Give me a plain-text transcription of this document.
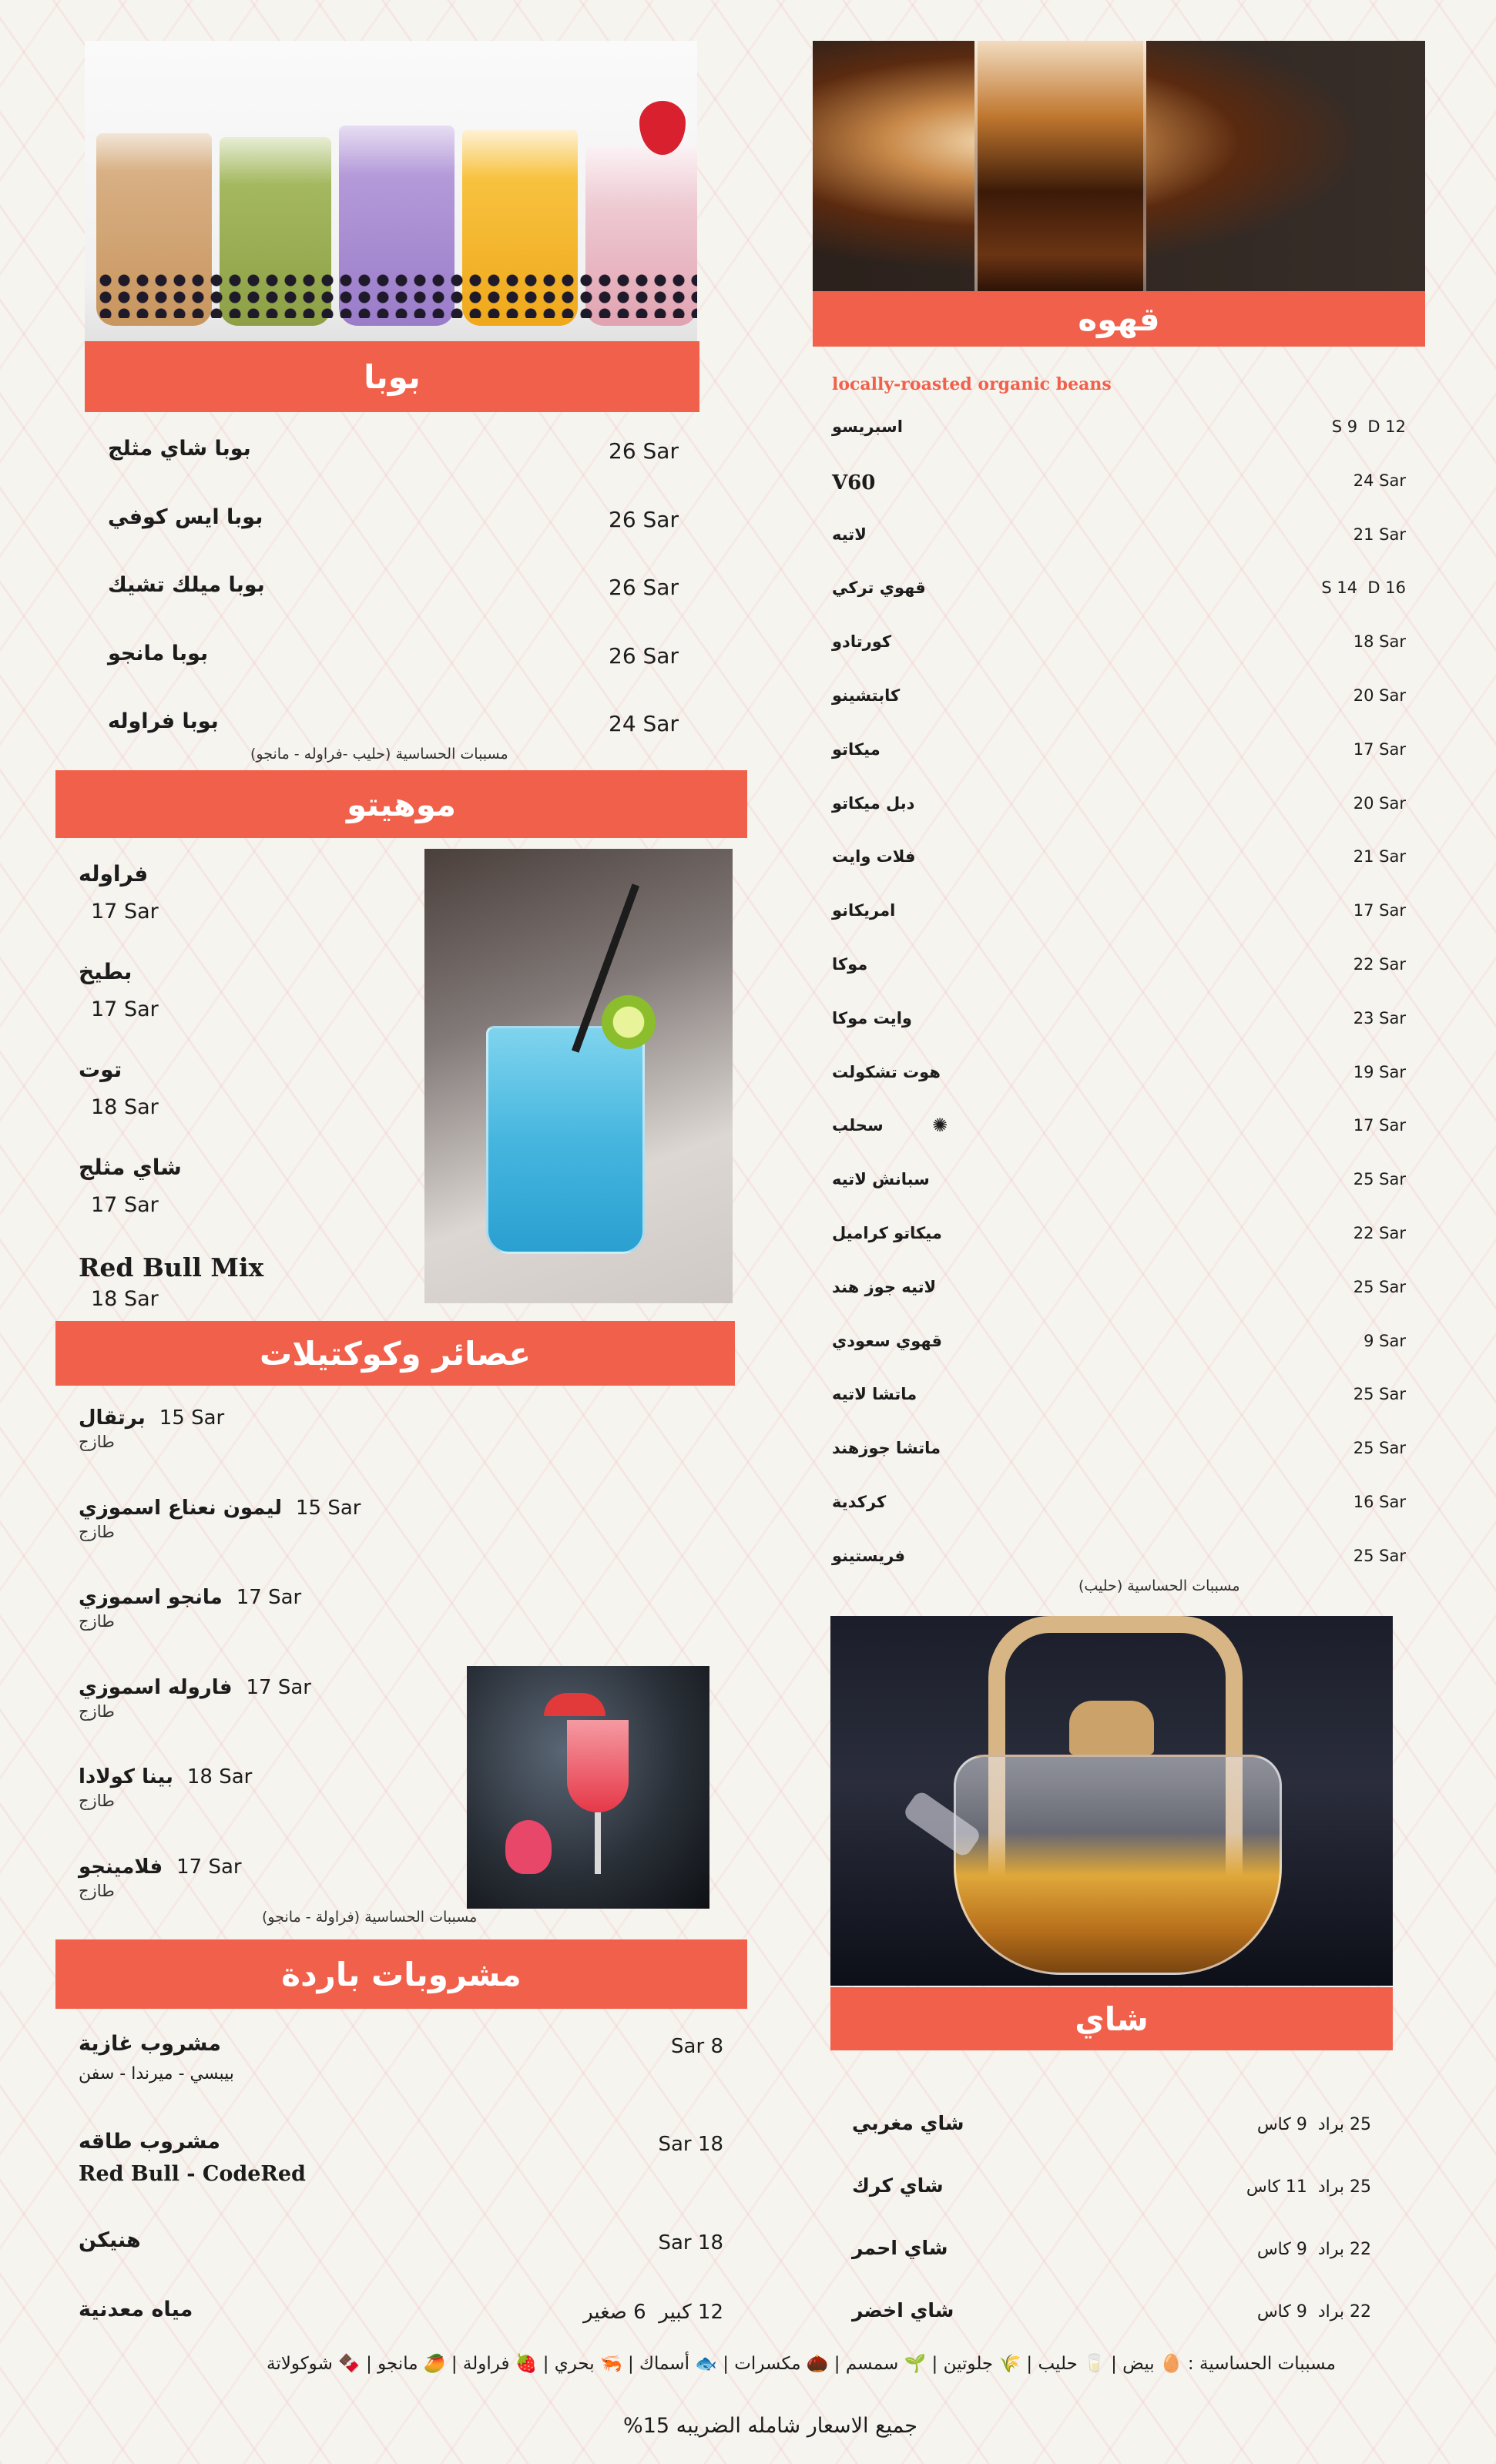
قهوه
locally-roasted organic beans
مسببات الحساسية (حليب)
شاي
بوبا
مسببات الحساسية (حليب -فراوله - مانجو)
موهيتو
عصائر وكوكتيلات
مسببات الحساسية (فراولة - مانجو)
مشروبات باردة
مسببات الحساسية : 🥚 بيض | 🥛 حليب | 🌾 جلوتين | 🌱 سمسم | 🌰 مكسرات | 🐟 أسماك | 🦐 بحري | 🍓 فراولة | 🥭 مانجو | 🍫 شوكولاتة
%جميع الاسعار شامله الضريبه 15
اسبريسو	S 9  D 12
V60	24 Sar
لاتيه	21 Sar
قهوي تركي	S 14  D 16
كورتادو	18 Sar
كابتشينو	20 Sar
ميكاتو	17 Sar
دبل ميكاتو	20 Sar
فلات وايت	21 Sar
امريكانو	17 Sar
موكا	22 Sar
وايت موكا	23 Sar
هوت تشكولت	19 Sar
سحلب	✺	17 Sar
سبانش لاتيه	25 Sar
ميكاتو كراميل	22 Sar
لاتيه جوز هند	25 Sar
قهوي سعودي	9 Sar
ماتشا لاتيه	25 Sar
ماتشا جوزهند	25 Sar
كركدية	16 Sar
فريستينو	25 Sar
شاي مغربي	25 براد  9 كاس
شاي كرك	25 براد  11 كاس
شاي احمر	22 براد  9 كاس
شاي اخضر	22 براد  9 كاس
بوبا شاي مثلج	26 Sar
بوبا ايس كوفي	26 Sar
بوبا ميلك تشيك	26 Sar
بوبا مانجو	26 Sar
بوبا فراوله	24 Sar
فراوله
17 Sar
بطيخ
17 Sar
توت
18 Sar
شاي مثلج
17 Sar
Red Bull Mix
18 Sar
برتقال 15 Sar
طازج
ليمون نعناع اسموزي 15 Sar
طازج
مانجو اسموزي 17 Sar
طازج
فاروله اسموزي 17 Sar
طازج
بينا كولادا 18 Sar
طازج
فلامينجو 17 Sar
طازج
مشروب غازية	8 Sar
بيبسي - ميرندا - سفن
مشروب طاقه	18 Sar
Red Bull - CodeRed
هنيكن	18 Sar
مياه معدنية	12 كبير  6 صغير
